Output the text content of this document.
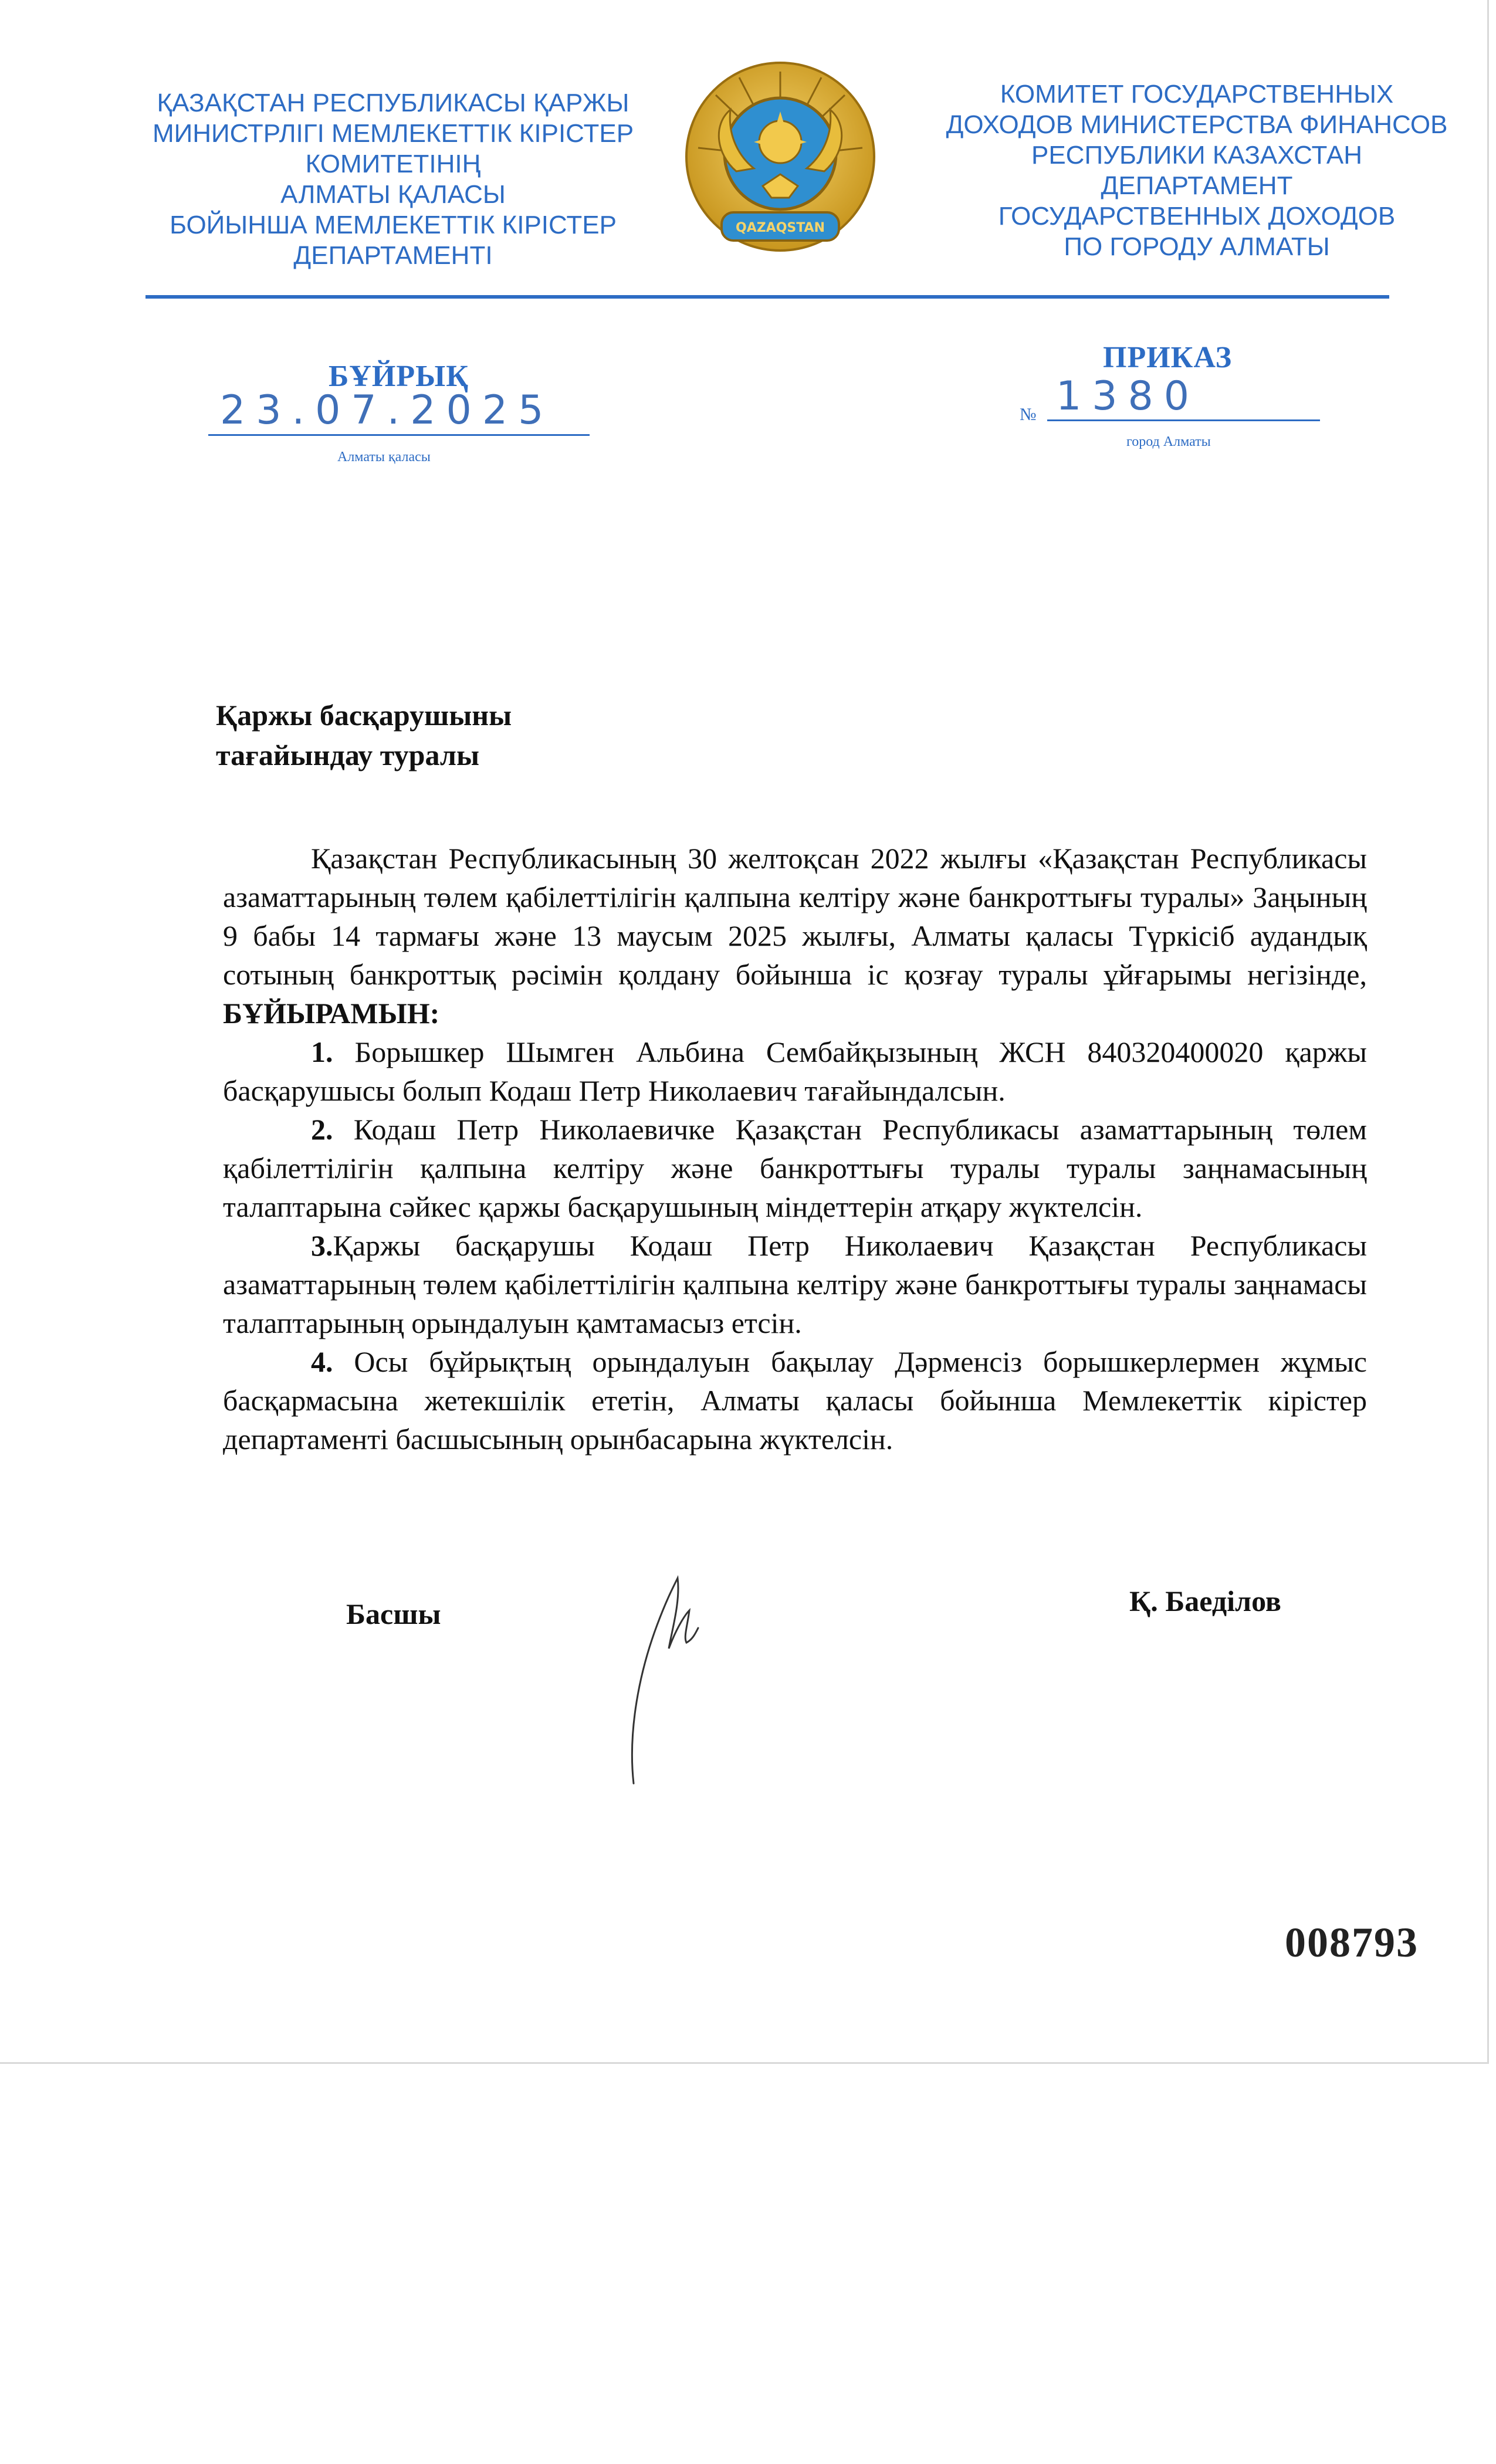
ҚАЗАҚСТАН РЕСПУБЛИКАСЫ ҚАРЖЫ
МИНИСТРЛІГІ МЕМЛЕКЕТТІК КІРІСТЕР
КОМИТЕТІНІҢ
АЛМАТЫ ҚАЛАСЫ
БОЙЫНША МЕМЛЕКЕТТІК КІРІСТЕР
ДЕПАРТАМЕНТІ
QAZAQSTAN
КОМИТЕТ ГОСУДАРСТВЕННЫХ
ДОХОДОВ МИНИСТЕРСТВА ФИНАНСОВ
РЕСПУБЛИКИ КАЗАХСТАН
ДЕПАРТАМЕНТ
ГОСУДАРСТВЕННЫХ ДОХОДОВ
ПО ГОРОДУ АЛМАТЫ
БҰЙРЫҚ
23.07.2025
Алматы қаласы
ПРИКАЗ
№ 1380
город Алматы
Қаржы басқарушыны
тағайындау туралы

Қазақстан Республикасының 30 желтоқсан 2022 жылғы «Қазақстан Республикасы азаматтарының төлем қабілеттілігін қалпына келтіру және банкроттығы туралы» Заңының 9 бабы 14 тармағы және 13 маусым 2025 жылғы, Алматы қаласы Түркісіб аудандық сотының банкроттық рәсімін қолдану бойынша іс қозғау туралы ұйғарымы негізінде, БҰЙЫРАМЫН:

1. Борышкер Шымген Альбина Сембайқызының ЖСН 840320400020 қаржы басқарушысы болып Кодаш Петр Николаевич тағайындалсын.

2. Кодаш Петр Николаевичке Қазақстан Республикасы азаматтарының төлем қабілеттілігін қалпына келтіру және банкроттығы туралы туралы заңнамасының талаптарына сәйкес қаржы басқарушының міндеттерін атқару жүктелсін.

3.Қаржы басқарушы Кодаш Петр Николаевич Қазақстан Республикасы азаматтарының төлем қабілеттілігін қалпына келтіру және банкроттығы туралы заңнамасы талаптарының орындалуын қамтамасыз етсін.

4. Осы бұйрықтың орындалуын бақылау Дәрменсіз борышкерлермен жұмыс басқармасына жетекшілік ететін, Алматы қаласы бойынша Мемлекеттік кірістер департаменті басшысының орынбасарына жүктелсін.

Басшы	Қ. Баеділов
008793
